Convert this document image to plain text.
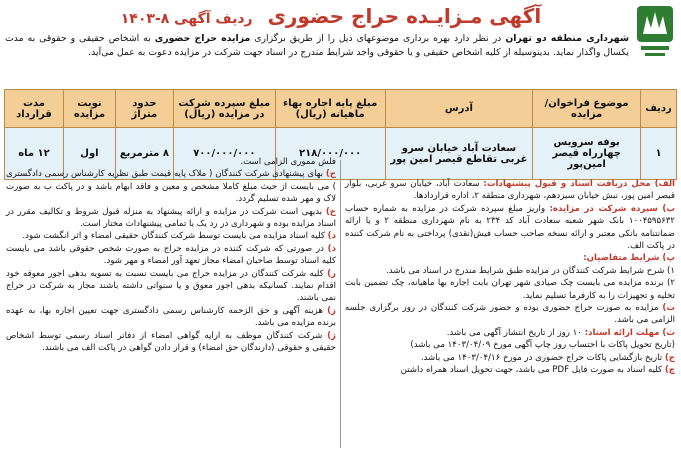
آگهی مـزایـده حراج حضوری ردیف آگهی ۸-۱۴۰۳
شهرداری منطقه دو تهران در نظر دارد بهره برداری موضوعهای ذیل را از طریق برگزاری مزایده حراج حضوری به اشخاص حقیقی و حقوقی به مدت یکسال واگذار نماید. بدینوسیله از کلیه اشخاص حقیقی و یا حقوقی واجد شرایط مندرج در اسناد جهت شرکت در مزایده دعوت به عمل می‌آید.
ردیف	موضوع فراخوان/ مزایده	آدرس	مبلغ پایه اجاره بهاء ماهیانه (ریال)	مبلغ سپرده شرکت در مزایده (ریال)	حدود متراژ	نوبت مزایده	مدت قرارداد
۱	بوفه سرویس چهارراه قیصر امین‌پور	سعادت آباد خیابان سرو غربی تقاطع قیصر امین پور	۲۱۸/۰۰۰/۰۰۰	۷۰۰/۰۰۰/۰۰۰	۸ مترمربع	اول	۱۲ ماه
الف) محل دریافت اسناد و قبول پیشنهادات: سعادت آباد، خیابان سرو غربی، بلوار قیصر امین پور، نبش خیابان سیزدهم، شهرداری منطقه ۲، اداره قراردادها.
ب) سپرده شرکت در مزایده: واریز مبلغ سپرده شرکت در مزایده به شماره حساب ۱۰۰۴۵۹۵۶۳۲ بانک شهر شعبه سعادت آباد کد ۲۳۴ به نام شهرداری منطقه ۲ و یا ارائه ضمانتنامه بانکی معتبر و ارائه نسخه صاحب حساب فیش(نقدی) پرداختی به نام شرکت کننده در پاکت الف.
پ) شرایط متقاضیان:
۱) شرح شرایط شرکت کنندگان در مزایده طبق شرایط مندرج در اسناد می باشد.
۲) برنده مزایده می بایست چک صیادی شهر تهران بابت اجاره بها ماهیانه، چک تضمین بابت تخلیه و تجهیزات را به کارفرما تسلیم نماید.
ت) مزایده به صورت حراج حضوری بوده و حضور شرکت کنندگان در روز برگزاری جلسه الزامی می باشد.
ث) مهلت ارائه اسناد: ۱۰ روز از تاریخ انتشار آگهی می باشد.
(تاریخ تحویل پاکات با احتساب روز چاپ آگهی مورخ ۱۴۰۳/۰۴/۰۹ می باشد)
ج) تاریخ بازگشایی پاکات حراج حضوری در مورخ ۱۴۰۳/۰۴/۱۶ می باشد.
چ) کلیه اسناد به صورت فایل PDF می باشد، جهت تحویل اسناد همراه داشتن
فلش مموری الزامی است.
ح) بهای پیشنهادی شرکت کنندگان ( ملاک پایه قیمت طبق نظریه کارشناس رسمی دادگستری ) می بایست از حیث مبلغ کاملا مشخص و معین و فاقد ابهام باشد و در پاکت ب به صورت لاک و مهر شده تسلیم گردد.
خ) بدیهی است شرکت در مزایده و ارائه پیشنهاد به منزله قبول شروط و تکالیف مقرر در اسناد مزایده بوده و شهرداری در رد یک یا تمامی پیشنهادات مختار است.
د) کلیه اسناد مزایده می بایست توسط شرکت کنندگان حقیقی امضاء و اثر انگشت شود.
ذ) در صورتی که شرکت کننده در مزایده حراج به صورت شخص حقوقی باشد می بایست کلیه اسناد توسط صاحبان امضاء مجاز تعهد آور امضاء و مهر شود.
ر) کلیه شرکت کنندگان در مزایده حراج می بایست نسبت به تسویه بدهی اجور معوقه خود اقدام نمایند. کسانیکه بدهی اجور معوق و یا سنواتی داشته باشند مجاز به شرکت در حراج نمی باشند.
ز) هزینه آگهی و حق الزحمه کارشناس رسمی دادگستری جهت تعیین اجاره بها، به عهده برنده مزایده می باشد.
ژ) شرکت کنندگان موظف به ارایه گواهی امضاء از دفاتر اسناد رسمی توسط اشخاص حقیقی و حقوقی (دارندگان حق امضاء) و قرار دادن گواهی در پاکت الف می باشند.
